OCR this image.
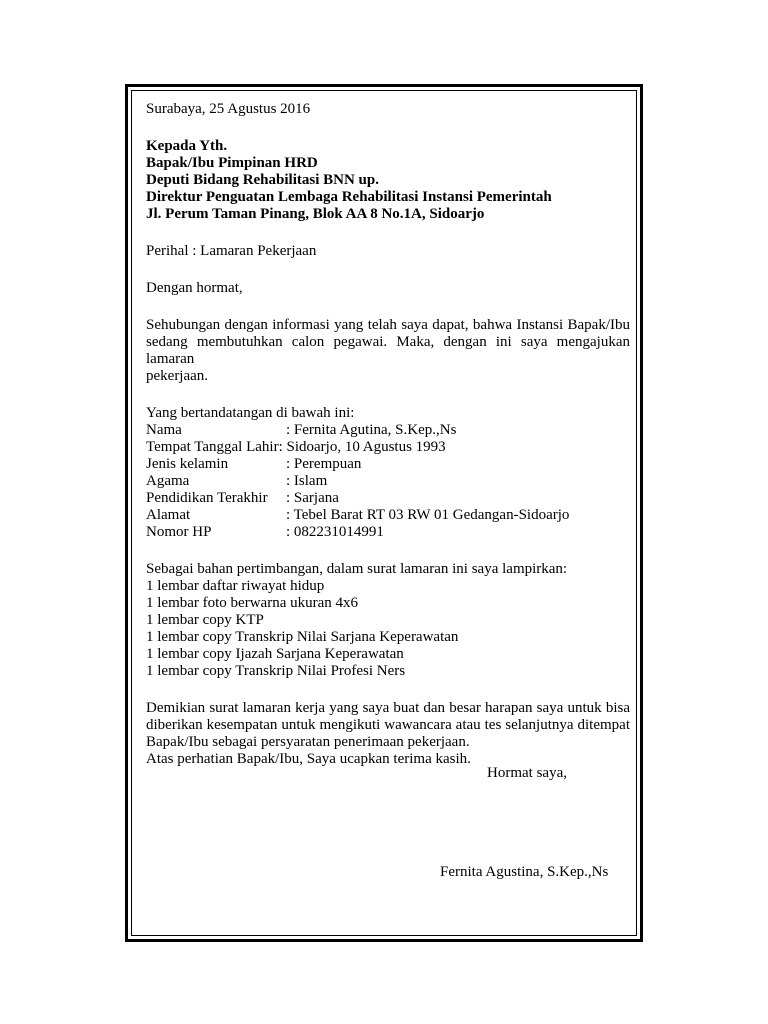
Surabaya, 25 Agustus 2016
Kepada Yth.
Bapak/Ibu Pimpinan HRD
Deputi Bidang Rehabilitasi BNN up.
Direktur Penguatan Lembaga Rehabilitasi Instansi Pemerintah
Jl. Perum Taman Pinang, Blok AA 8 No.1A, Sidoarjo
Perihal : Lamaran Pekerjaan
Dengan hormat,
Sehubungan dengan informasi yang telah saya dapat, bahwa Instansi Bapak/Ibu
sedang membutuhkan calon pegawai. Maka, dengan ini saya mengajukan lamaran
pekerjaan.
Yang bertandatangan di bawah ini:
Nama	: Fernita Agutina, S.Kep.,Ns
Tempat Tanggal Lahir: Sidoarjo, 10 Agustus 1993
Jenis kelamin	: Perempuan
Agama	: Islam
Pendidikan Terakhir	: Sarjana
Alamat	: Tebel Barat RT 03 RW 01 Gedangan-Sidoarjo
Nomor HP	: 082231014991
Sebagai bahan pertimbangan, dalam surat lamaran ini saya lampirkan:
1 lembar daftar riwayat hidup
1 lembar foto berwarna ukuran 4x6
1 lembar copy KTP
1 lembar copy Transkrip Nilai Sarjana Keperawatan
1 lembar copy Ijazah Sarjana Keperawatan
1 lembar copy Transkrip Nilai Profesi Ners
Demikian surat lamaran kerja yang saya buat dan besar harapan saya untuk bisa
diberikan kesempatan untuk mengikuti wawancara atau tes selanjutnya ditempat
Bapak/Ibu sebagai persyaratan penerimaan pekerjaan.
Atas perhatian Bapak/Ibu, Saya ucapkan terima kasih.
Hormat saya,
Fernita Agustina, S.Kep.,Ns
